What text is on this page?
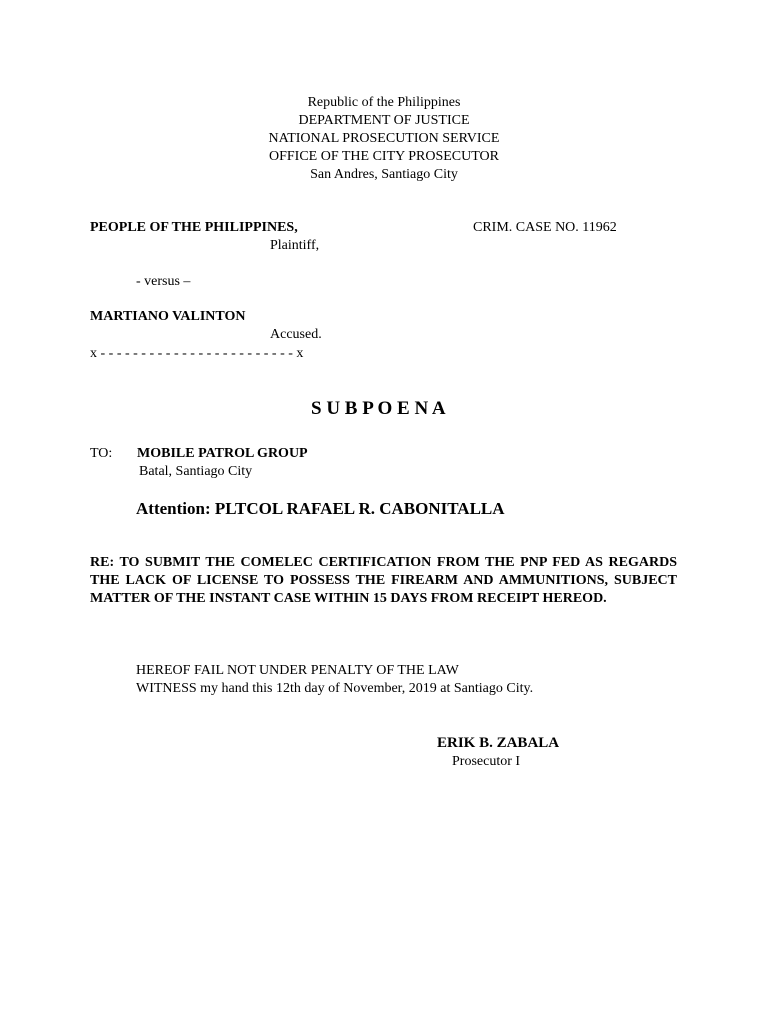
Republic of the Philippines
DEPARTMENT OF JUSTICE
NATIONAL PROSECUTION SERVICE
OFFICE OF THE CITY PROSECUTOR
San Andres, Santiago City
PEOPLE OF THE PHILIPPINES,	CRIM. CASE NO. 11962
Plaintiff,
- versus –
MARTIANO VALINTON
Accused.
x - - - - - - - - - - - - - - - - - - - - - - - - x
S U B P O E N A
TO: MOBILE PATROL GROUP
Batal, Santiago City
Attention: PLTCOL RAFAEL R. CABONITALLA
RE: TO SUBMIT THE COMELEC CERTIFICATION FROM THE PNP FED AS REGARDS THE LACK OF LICENSE TO POSSESS THE FIREARM AND AMMUNITIONS, SUBJECT MATTER OF THE INSTANT CASE WITHIN 15 DAYS FROM RECEIPT HEREOD.
HEREOF FAIL NOT UNDER PENALTY OF THE LAW
WITNESS my hand this 12th day of November, 2019 at Santiago City.
ERIK B. ZABALA
Prosecutor I
